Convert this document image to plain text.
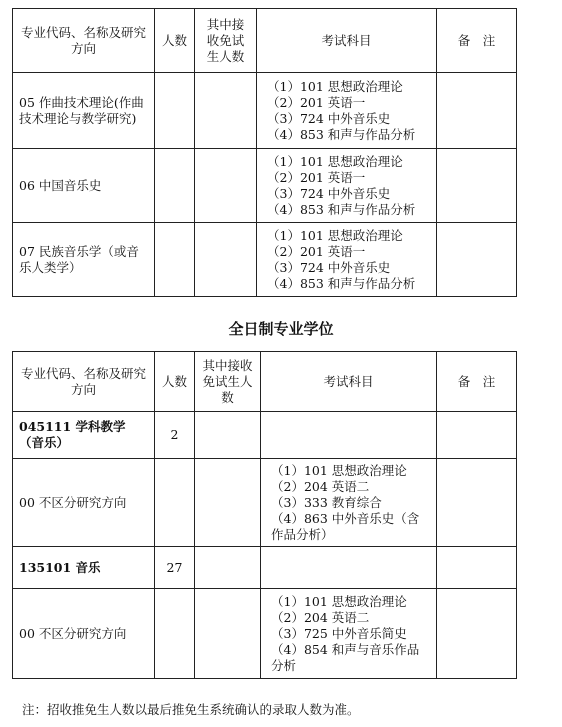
专业代码、名称及研究方向	人数	其中接收免试生人数	考试科目	备　注
05 作曲技术理论(作曲技术理论与教学研究)			（1）101 思想政治理论
（2）201 英语一
（3）724 中外音乐史
（4）853 和声与作品分析	

06 中国音乐史			（1）101 思想政治理论
（2）201 英语一
（3）724 中外音乐史
（4）853 和声与作品分析	

07 民族音乐学（或音乐人类学）			（1）101 思想政治理论
（2）201 英语一
（3）724 中外音乐史
（4）853 和声与作品分析	

全日制专业学位
专业代码、名称及研究方向	人数	其中接收免试生人数	考试科目	备　注
045111 学科教学（音乐）	2			
00 不区分研究方向			（1）101 思想政治理论
（2）204 英语二
（3）333 教育综合
（4）863 中外音乐史（含作品分析）	

135101 音乐	27			
00 不区分研究方向			（1）101 思想政治理论
（2）204 英语二
（3）725 中外音乐简史
（4）854 和声与音乐作品分析	

注：招收推免生人数以最后推免生系统确认的录取人数为准。
